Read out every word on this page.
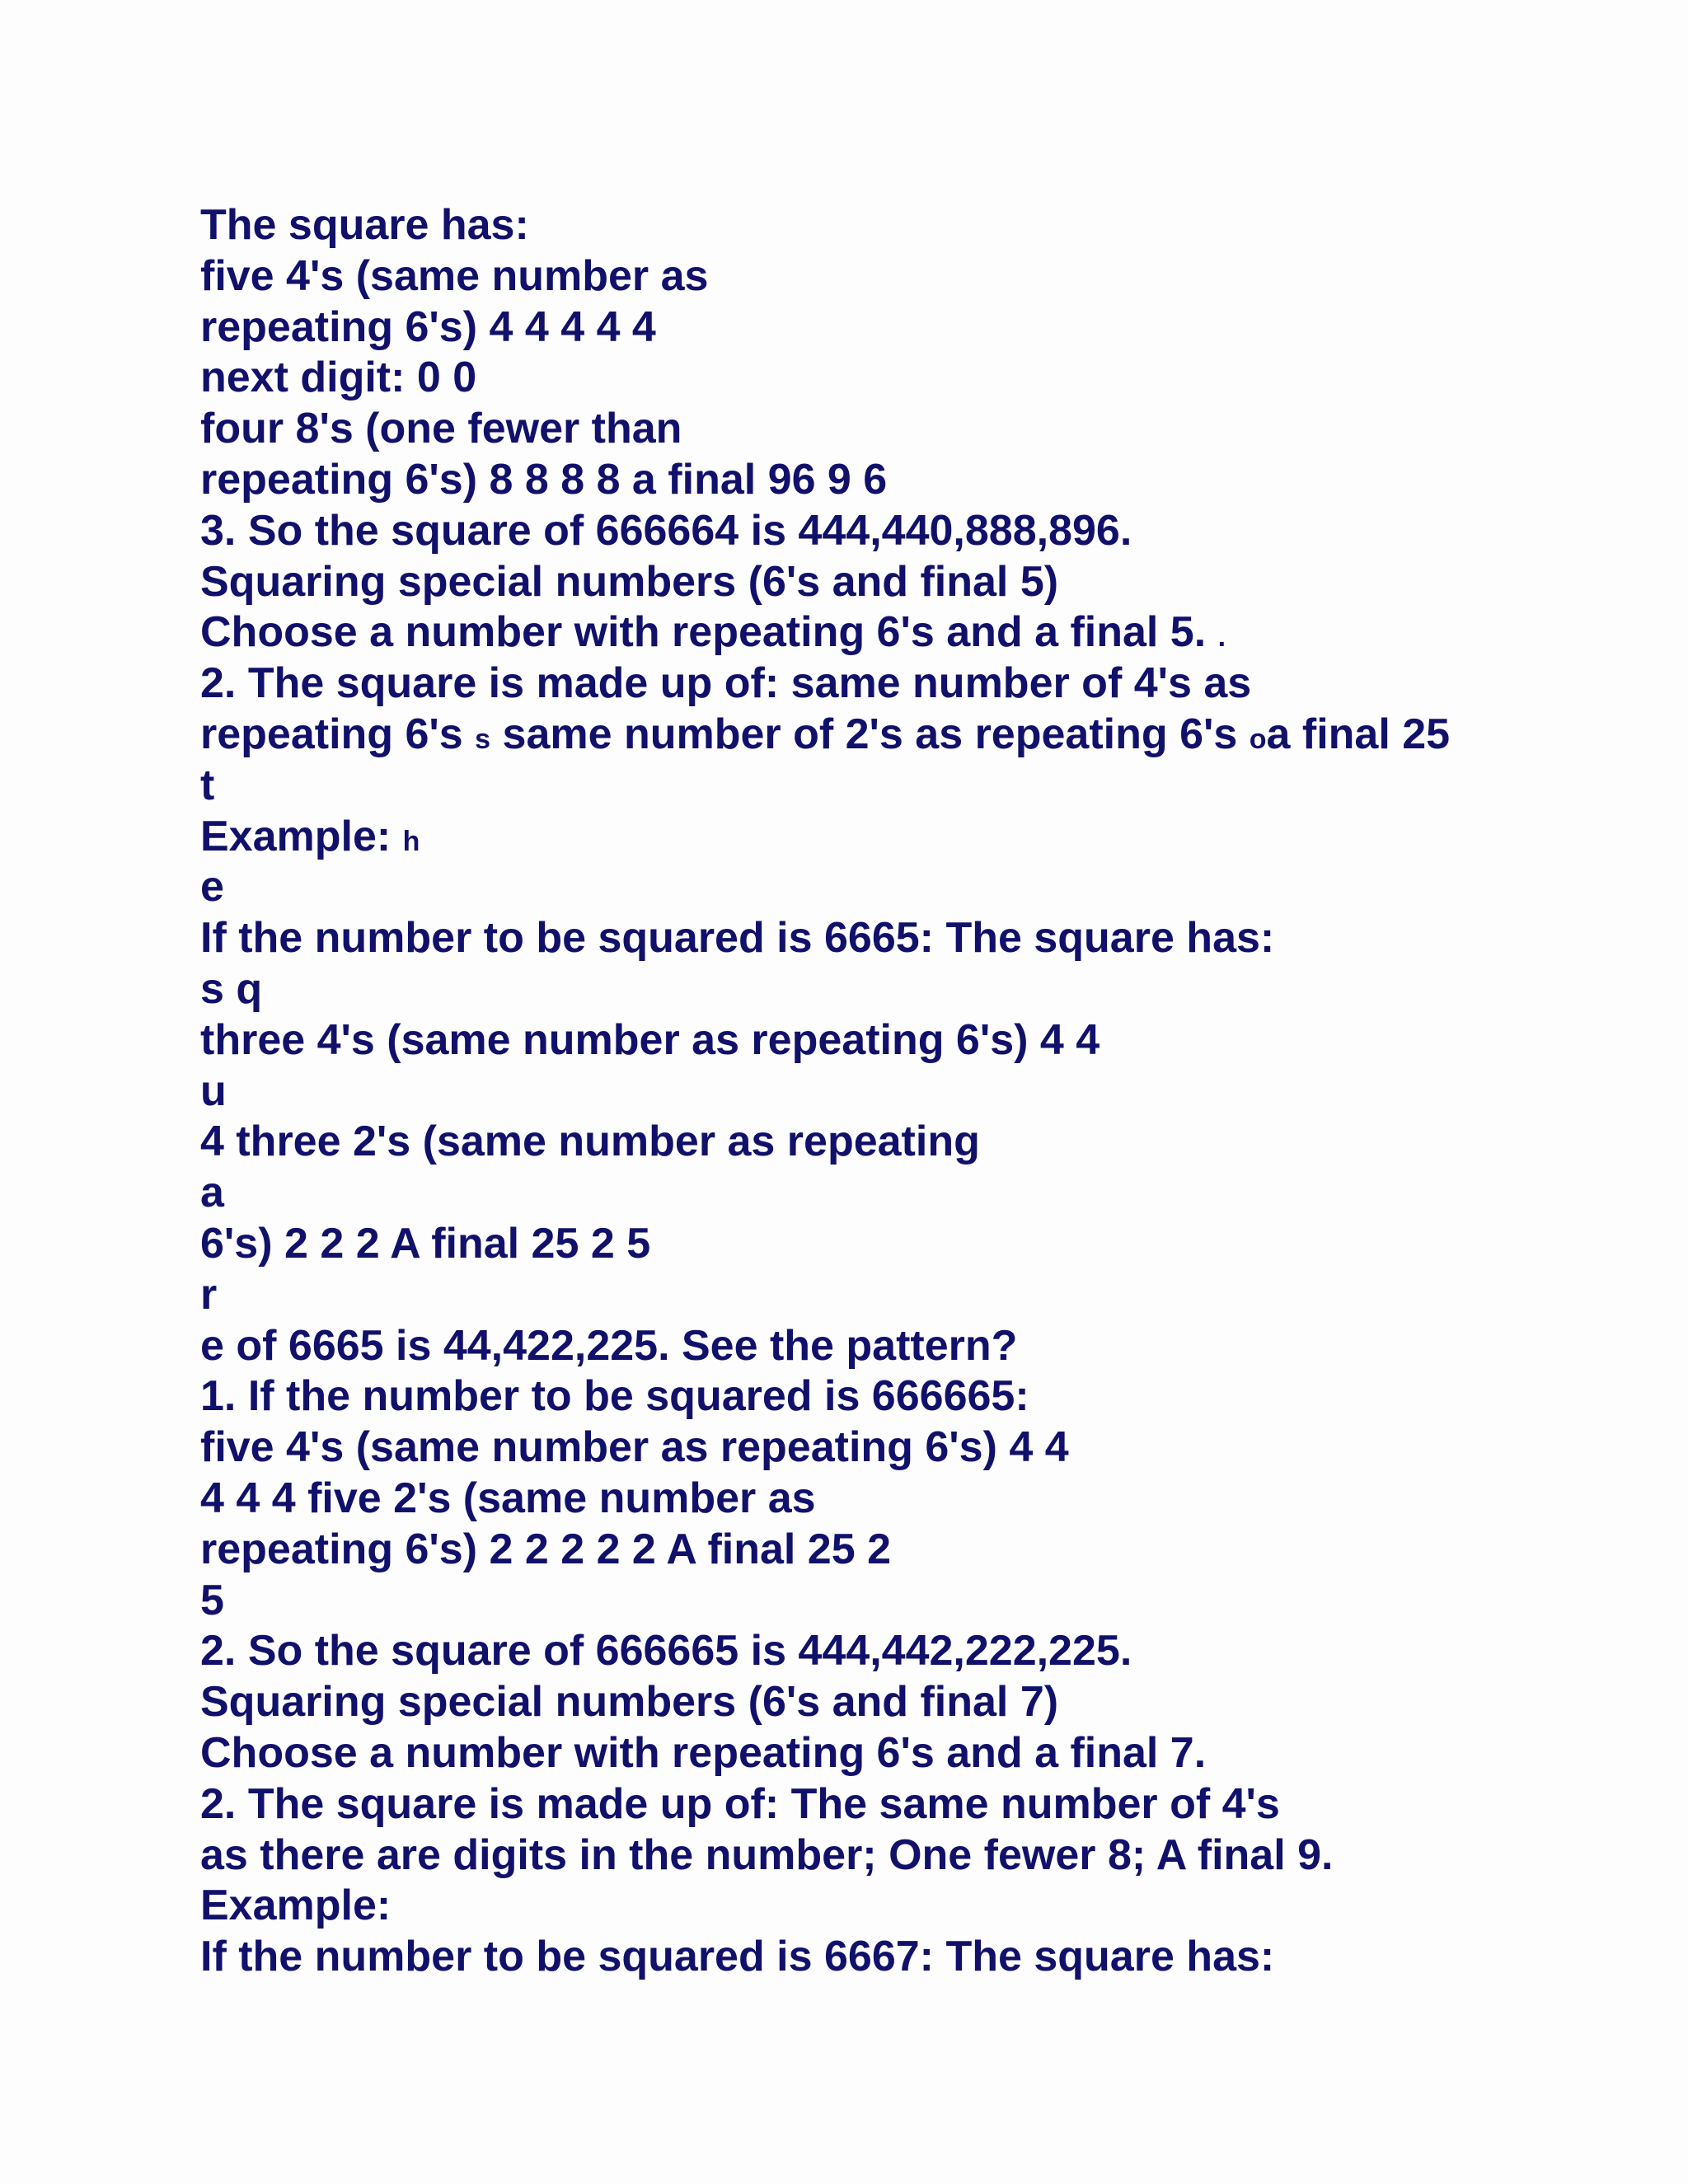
The square has:
five 4's (same number as
repeating 6's) 4 4 4 4 4
next digit: 0 0
four 8's (one fewer than
repeating 6's) 8 8 8 8 a final 96 9 6
3. So the square of 666664 is 444,440,888,896.
Squaring special numbers (6's and final 5)
Choose a number with repeating 6's and a final 5. .
2. The square is made up of: same number of 4's as
repeating 6's s same number of 2's as repeating 6's oa final 25
t
Example: h
e
If the number to be squared is 6665: The square has:
s q
three 4's (same number as repeating 6's) 4 4
u
4 three 2's (same number as repeating
a
6's) 2 2 2 A final 25 2 5
r
e of 6665 is 44,422,225. See the pattern?
1. If the number to be squared is 666665:
five 4's (same number as repeating 6's) 4 4
4 4 4 five 2's (same number as
repeating 6's) 2 2 2 2 2 A final 25 2
5
2. So the square of 666665 is 444,442,222,225.
Squaring special numbers (6's and final 7)
Choose a number with repeating 6's and a final 7.
2. The square is made up of: The same number of 4's
as there are digits in the number; One fewer 8; A final 9.
Example:
If the number to be squared is 6667: The square has:
